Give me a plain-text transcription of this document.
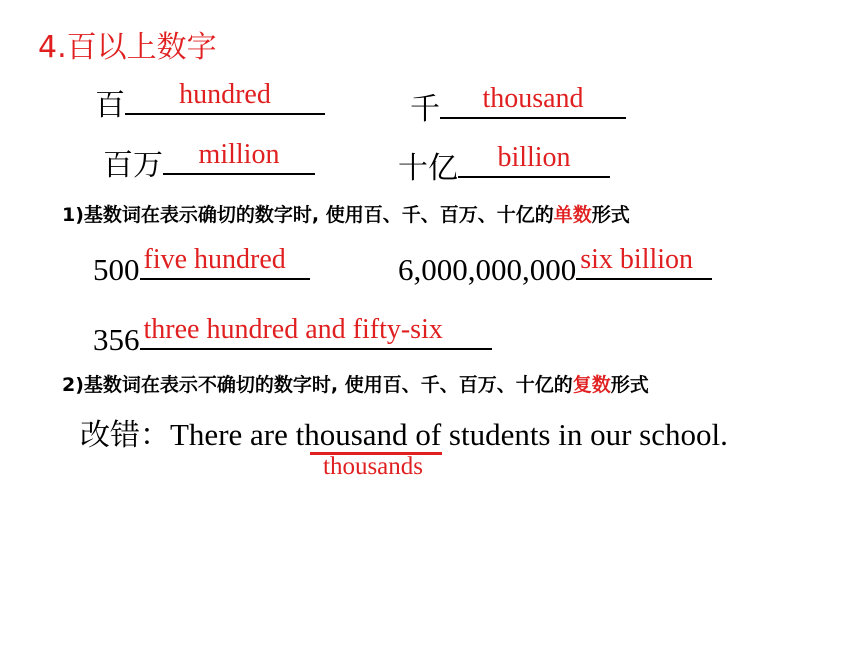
4.百以上数字
百	hundred	千	thousand
百万	million	十亿	billion
1)基数词在表示确切的数字时, 使用百、千、百万、十亿的单数形式
500 five hundred	6,000,000,000 six billion
356 three hundred and fifty-six
2)基数词在表示不确切的数字时, 使用百、千、百万、十亿的复数形式
改错：There are thousand of students in our school.
thousands
